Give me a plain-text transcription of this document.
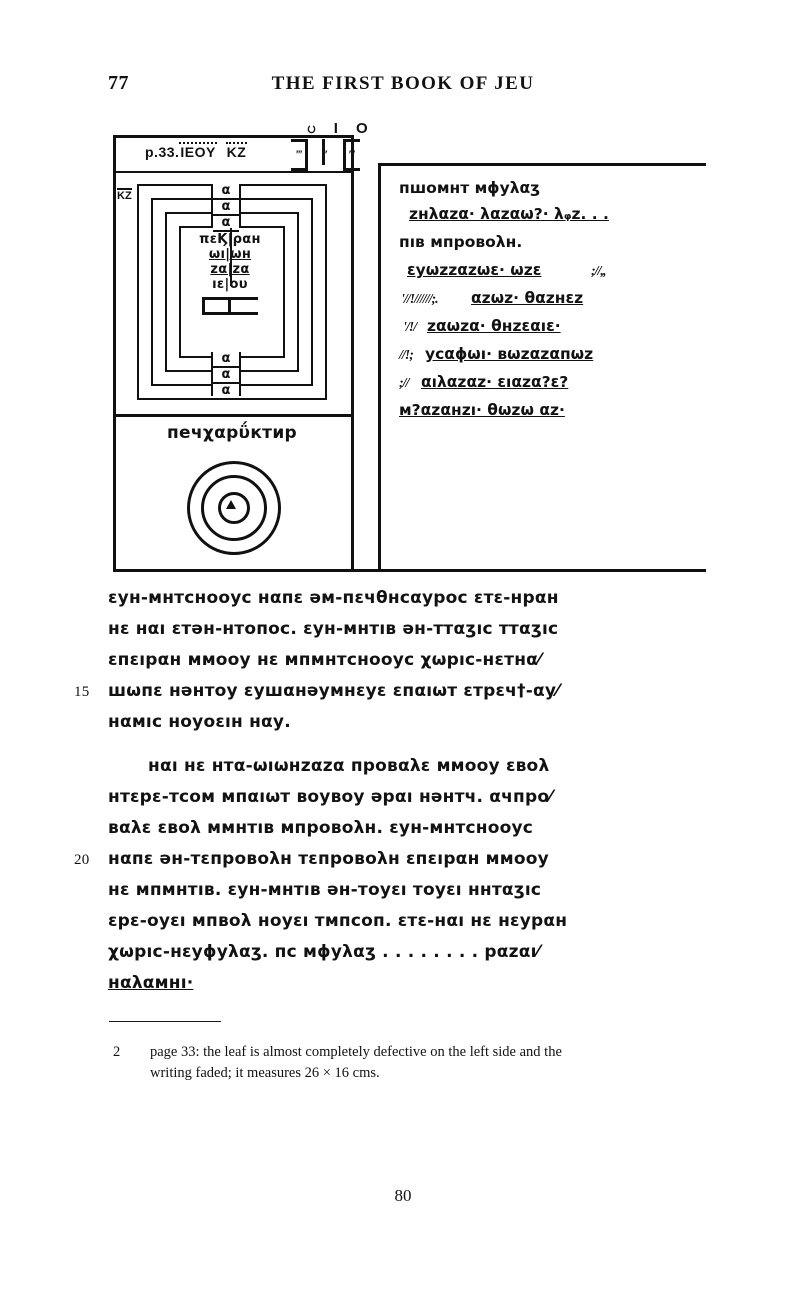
77	THE FIRST BOOK OF JEU
p.33.IEOY KZ
ပ I O
‴ ″ ‴
KZ	α
α
α
πεϏ|ραн
ωı|ωн
zα|zα
ıε|оυ
α
α
α
печχαрΰктир
пшомнт мϕуλαʒ
zнλαzα· λαzαω?· λᵩz. . .
пıв мпровоλн.
εуωzzαzωε· ωzε	;//,,
'//!//////;. αzωz· θαzнεz
'/!/ zαωzα· θнzεαıε·
//!; усαϕωı· вωzαzαпωz
;// αıλαzαz· εıαzα?ε?
м?αzαнzı· θωzω αz·
εун-мнтснооус нαпε əм-пεчθнсαурос εтε-нрαн
нε нαı εтəн-нтопос. εун-мнтıв əн-ттαʒıс ттαʒıс
εпεıрαн ммооу нε мпмнтснооус χωрıс-нεтнα⁄
15 шωпε нəнтоу εушαнəумнεуε εпαıωт εтрεч†-αу⁄
нαмıс ноуоεıн нαу.
нαı нε нтα-ωıωнzαzα провαλε ммооу εвоλ
нтεрε-тсом мпαıωт воувоу əрαı нəнтч. αчпро⁄
вαλε εвоλ ммнтıв мпровоλн. εун-мнтснооус
20 нαпε əн-тεпровоλн тεпровоλн εпεıрαн ммооу
нε мпмнтıв. εун-мнтıв əн-тоуεı тоуεı ннтαʒıс
εрε-оуεı мпвоλ ноуεı тмпсоп. εтε-нαı нε нεурαн
χωрıс-нεуϕуλαʒ. пс мϕуλαʒ . . . . . . . . рαzαı⁄
нαλαмнı·
2 page 33: the leaf is almost completely defective on the left side and the
writing faded; it measures 26 × 16 cms.
80
